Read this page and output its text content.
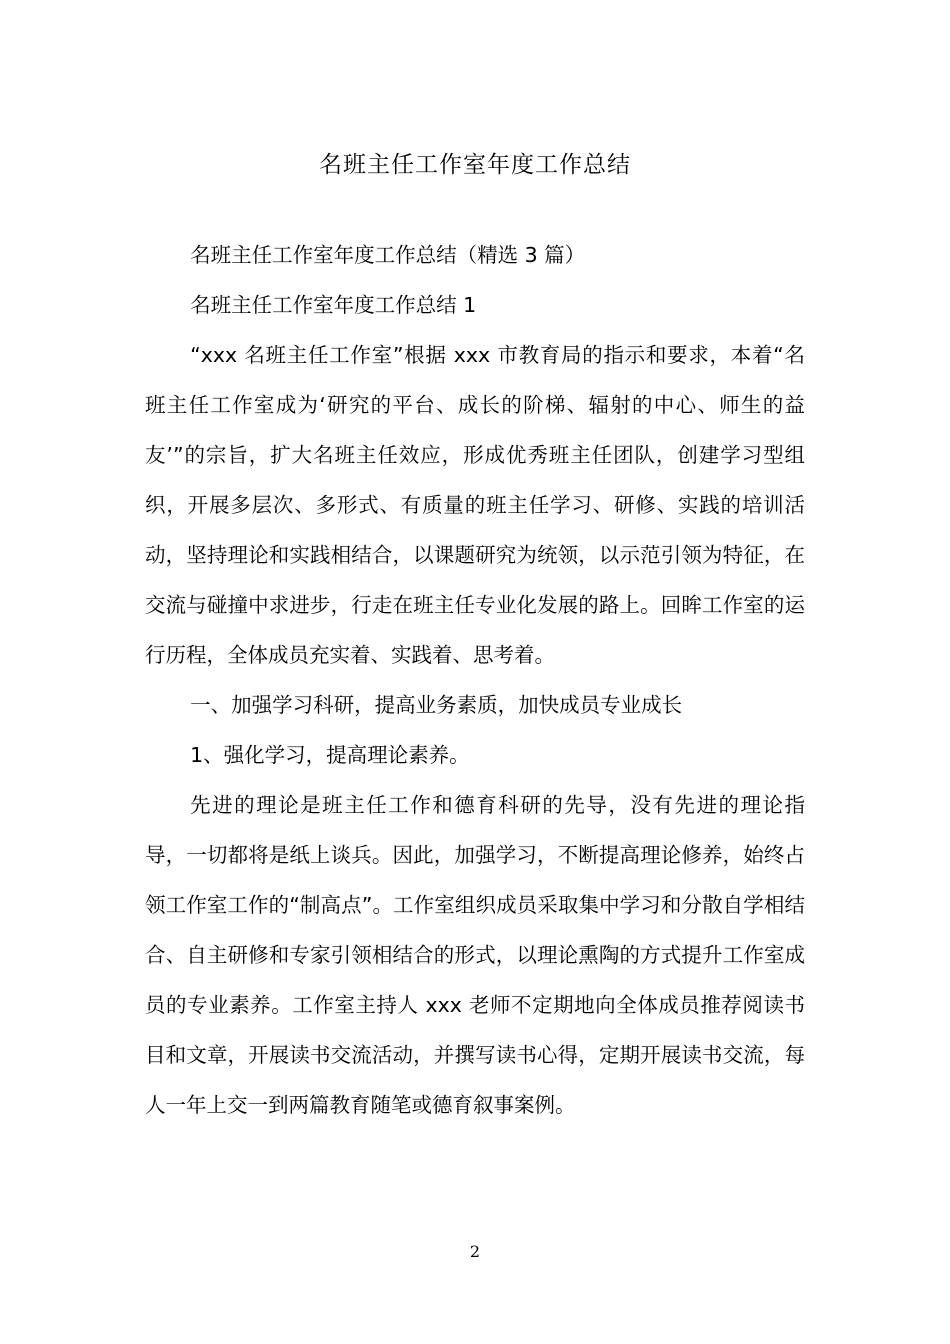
名班主任工作室年度工作总结

名班主任工作室年度工作总结（精选 3 篇）

名班主任工作室年度工作总结 1

“xxx 名班主任工作室”根据 xxx 市教育局的指示和要求，本着“名班主任工作室成为‘研究的平台、成长的阶梯、辐射的中心、师生的益友’”的宗旨，扩大名班主任效应，形成优秀班主任团队，创建学习型组织，开展多层次、多形式、有质量的班主任学习、研修、实践的培训活动，坚持理论和实践相结合，以课题研究为统领，以示范引领为特征，在交流与碰撞中求进步，行走在班主任专业化发展的路上。回眸工作室的运行历程，全体成员充实着、实践着、思考着。

一、加强学习科研，提高业务素质，加快成员专业成长

1、强化学习，提高理论素养。

先进的理论是班主任工作和德育科研的先导，没有先进的理论指导，一切都将是纸上谈兵。因此，加强学习，不断提高理论修养，始终占领工作室工作的“制高点”。工作室组织成员采取集中学习和分散自学相结合、自主研修和专家引领相结合的形式，以理论熏陶的方式提升工作室成员的专业素养。工作室主持人 xxx 老师不定期地向全体成员推荐阅读书目和文章，开展读书交流活动，并撰写读书心得，定期开展读书交流，每人一年上交一到两篇教育随笔或德育叙事案例。

2
